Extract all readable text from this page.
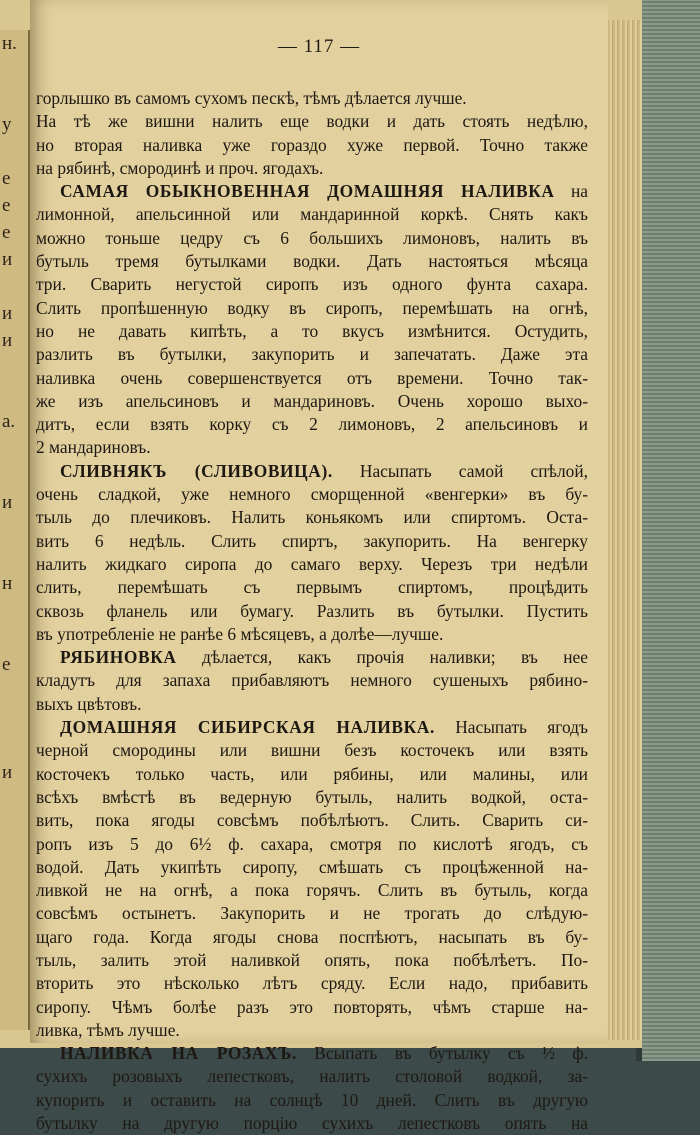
н.

у

е
е
е
и

и
и

а.

и

н

е

и

— 117 —
горлышко въ самомъ сухомъ пескѣ, тѣмъ дѣлается лучше.
На тѣ же вишни налить еще водки и дать стоять недѣлю,
но вторая наливка уже гораздо хуже первой. Точно также
на рябинѣ, смородинѣ и проч. ягодахъ.
САМАЯ ОБЫКНОВЕННАЯ ДОМАШНЯЯ НАЛИВКА на
лимонной, апельсинной или мандаринной коркѣ. Снять какъ
можно тоньше цедру съ 6 большихъ лимоновъ, налить въ
бутыль тремя бутылками водки. Дать настояться мѣсяца
три. Сварить негустой сиропъ изъ одного фунта сахара.
Слить пропѣшенную водку въ сиропъ, перемѣшать на огнѣ,
но не давать кипѣть, а то вкусъ измѣнится. Остудить,
разлить въ бутылки, закупорить и запечатать. Даже эта
наливка очень совершенствуется отъ времени. Точно так-
же изъ апельсиновъ и мандариновъ. Очень хорошо выхо-
дитъ, если взять корку съ 2 лимоновъ, 2 апельсиновъ и
2 мандариновъ.
СЛИВНЯКЪ (СЛИВОВИЦА). Насыпать самой спѣлой,
очень сладкой, уже немного сморщенной «венгерки» въ бу-
тыль до плечиковъ. Налить коньякомъ или спиртомъ. Оста-
вить 6 недѣль. Слить спиртъ, закупорить. На венгерку
налить жидкаго сиропа до самаго верху. Черезъ три недѣли
слить, перемѣшать съ первымъ спиртомъ, процѣдить
сквозь фланель или бумагу. Разлить въ бутылки. Пустить
въ употребленіе не ранѣе 6 мѣсяцевъ, а долѣе—лучше.
РЯБИНОВКА дѣлается, какъ прочія наливки; въ нее
кладутъ для запаха прибавляютъ немного сушеныхъ рябино-
выхъ цвѣтовъ.
ДОМАШНЯЯ СИБИРСКАЯ НАЛИВКА. Насыпать ягодъ
черной смородины или вишни безъ косточекъ или взять
косточекъ только часть, или рябины, или малины, или
всѣхъ вмѣстѣ въ ведерную бутыль, налить водкой, оста-
вить, пока ягоды совсѣмъ побѣлѣютъ. Слить. Сварить си-
ропъ изъ 5 до 6½ ф. сахара, смотря по кислотѣ ягодъ, съ
водой. Дать укипѣть сиропу, смѣшать съ процѣженной на-
ливкой не на огнѣ, а пока горячъ. Слить въ бутыль, когда
совсѣмъ остынетъ. Закупорить и не трогать до слѣдую-
щаго года. Когда ягоды снова поспѣютъ, насыпать въ бу-
тыль, залить этой наливкой опять, пока побѣлѣетъ. По-
вторить это нѣсколько лѣтъ сряду. Если надо, прибавить
сиропу. Чѣмъ болѣе разъ это повторять, чѣмъ старше на-
ливка, тѣмъ лучше.
НАЛИВКА НА РОЗАХЪ. Всыпать въ бутылку съ ½ ф.
сухихъ розовыхъ лепестковъ, налить столовой водкой, за-
купорить и оставить на солнцѣ 10 дней. Слить въ другую
бутылку на другую порцію сухихъ лепестковъ опять на
